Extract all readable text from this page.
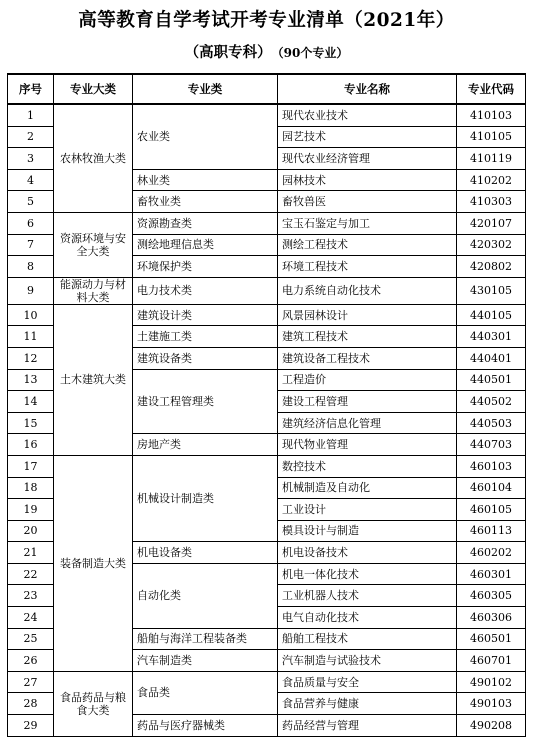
高等教育自学考试开考专业清单（2021年）
（高职专科） （90个专业）
序号	专业大类	专业类	专业名称	专业代码
1	农林牧渔大类	农业类	现代农业技术	410103
2			园艺技术	410105
3			现代农业经济管理	410119
4		林业类	园林技术	410202
5		畜牧业类	畜牧兽医	410303
6	资源环境与安全大类	资源勘查类	宝玉石鉴定与加工	420107
7		测绘地理信息类	测绘工程技术	420302
8		环境保护类	环境工程技术	420802
9	能源动力与材料大类	电力技术类	电力系统自动化技术	430105
10	土木建筑大类	建筑设计类	风景园林设计	440105
11		土建施工类	建筑工程技术	440301
12		建筑设备类	建筑设备工程技术	440401
13		建设工程管理类	工程造价	440501
14			建设工程管理	440502
15			建筑经济信息化管理	440503
16		房地产类	现代物业管理	440703
17	装备制造大类	机械设计制造类	数控技术	460103
18			机械制造及自动化	460104
19			工业设计	460105
20			模具设计与制造	460113
21		机电设备类	机电设备技术	460202
22		自动化类	机电一体化技术	460301
23			工业机器人技术	460305
24			电气自动化技术	460306
25		船舶与海洋工程装备类	船舶工程技术	460501
26		汽车制造类	汽车制造与试验技术	460701
27	食品药品与粮食大类	食品类	食品质量与安全	490102
28			食品营养与健康	490103
29		药品与医疗器械类	药品经营与管理	490208
